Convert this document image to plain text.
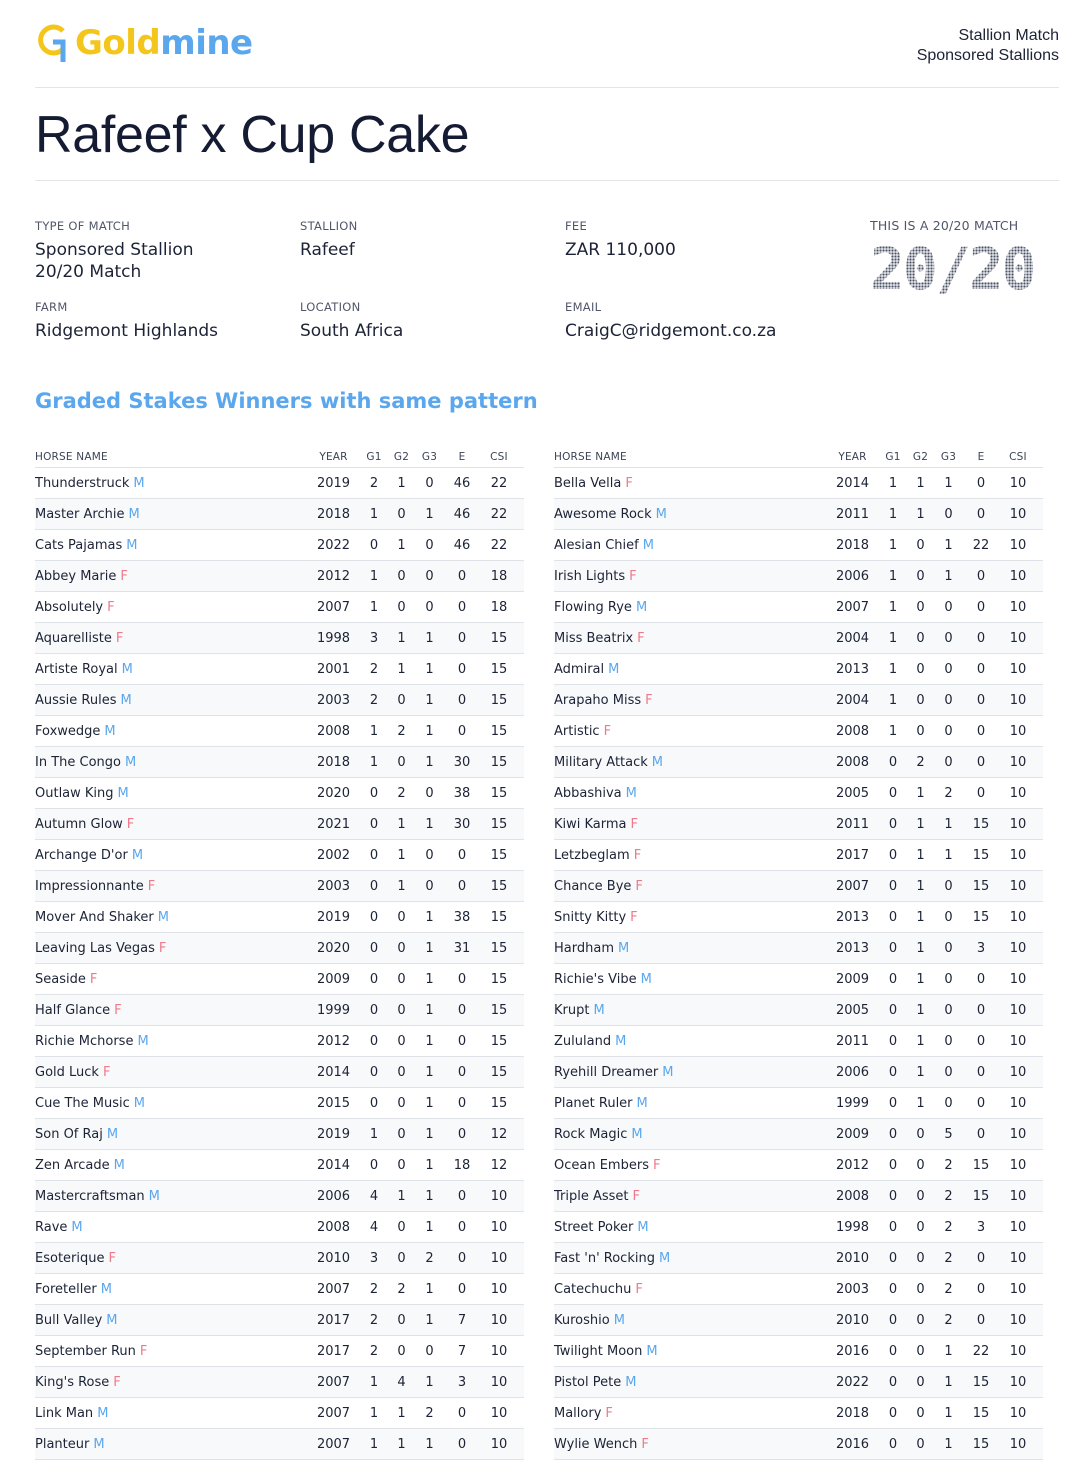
Goldmine	Stallion Match
Sponsored Stallions
Rafeef x Cup Cake
TYPE OF MATCH
Sponsored Stallion
20/20 Match
STALLION
Rafeef
FEE
ZAR 110,000
FARM
Ridgemont Highlands
LOCATION
South Africa
EMAIL
CraigC@ridgemont.co.za
THIS IS A 20/20 MATCH
20/20
Graded Stakes Winners with same pattern
HORSE NAME	YEAR	G1	G2	G3	E	CSI
Thunderstruck M	2019	2	1	0	46	22
Master Archie M	2018	1	0	1	46	22
Cats Pajamas M	2022	0	1	0	46	22
Abbey Marie F	2012	1	0	0	0	18
Absolutely F	2007	1	0	0	0	18
Aquarelliste F	1998	3	1	1	0	15
Artiste Royal M	2001	2	1	1	0	15
Aussie Rules M	2003	2	0	1	0	15
Foxwedge M	2008	1	2	1	0	15
In The Congo M	2018	1	0	1	30	15
Outlaw King M	2020	0	2	0	38	15
Autumn Glow F	2021	0	1	1	30	15
Archange D'or M	2002	0	1	0	0	15
Impressionnante F	2003	0	1	0	0	15
Mover And Shaker M	2019	0	0	1	38	15
Leaving Las Vegas F	2020	0	0	1	31	15
Seaside F	2009	0	0	1	0	15
Half Glance F	1999	0	0	1	0	15
Richie Mchorse M	2012	0	0	1	0	15
Gold Luck F	2014	0	0	1	0	15
Cue The Music M	2015	0	0	1	0	15
Son Of Raj M	2019	1	0	1	0	12
Zen Arcade M	2014	0	0	1	18	12
Mastercraftsman M	2006	4	1	1	0	10
Rave M	2008	4	0	1	0	10
Esoterique F	2010	3	0	2	0	10
Foreteller M	2007	2	2	1	0	10
Bull Valley M	2017	2	0	1	7	10
September Run F	2017	2	0	0	7	10
King's Rose F	2007	1	4	1	3	10
Link Man M	2007	1	1	2	0	10
Planteur M	2007	1	1	1	0	10
HORSE NAME	YEAR	G1	G2	G3	E	CSI
Bella Vella F	2014	1	1	1	0	10
Awesome Rock M	2011	1	1	0	0	10
Alesian Chief M	2018	1	0	1	22	10
Irish Lights F	2006	1	0	1	0	10
Flowing Rye M	2007	1	0	0	0	10
Miss Beatrix F	2004	1	0	0	0	10
Admiral M	2013	1	0	0	0	10
Arapaho Miss F	2004	1	0	0	0	10
Artistic F	2008	1	0	0	0	10
Military Attack M	2008	0	2	0	0	10
Abbashiva M	2005	0	1	2	0	10
Kiwi Karma F	2011	0	1	1	15	10
Letzbeglam F	2017	0	1	1	15	10
Chance Bye F	2007	0	1	0	15	10
Snitty Kitty F	2013	0	1	0	15	10
Hardham M	2013	0	1	0	3	10
Richie's Vibe M	2009	0	1	0	0	10
Krupt M	2005	0	1	0	0	10
Zululand M	2011	0	1	0	0	10
Ryehill Dreamer M	2006	0	1	0	0	10
Planet Ruler M	1999	0	1	0	0	10
Rock Magic M	2009	0	0	5	0	10
Ocean Embers F	2012	0	0	2	15	10
Triple Asset F	2008	0	0	2	15	10
Street Poker M	1998	0	0	2	3	10
Fast 'n' Rocking M	2010	0	0	2	0	10
Catechuchu F	2003	0	0	2	0	10
Kuroshio M	2010	0	0	2	0	10
Twilight Moon M	2016	0	0	1	22	10
Pistol Pete M	2022	0	0	1	15	10
Mallory F	2018	0	0	1	15	10
Wylie Wench F	2016	0	0	1	15	10
